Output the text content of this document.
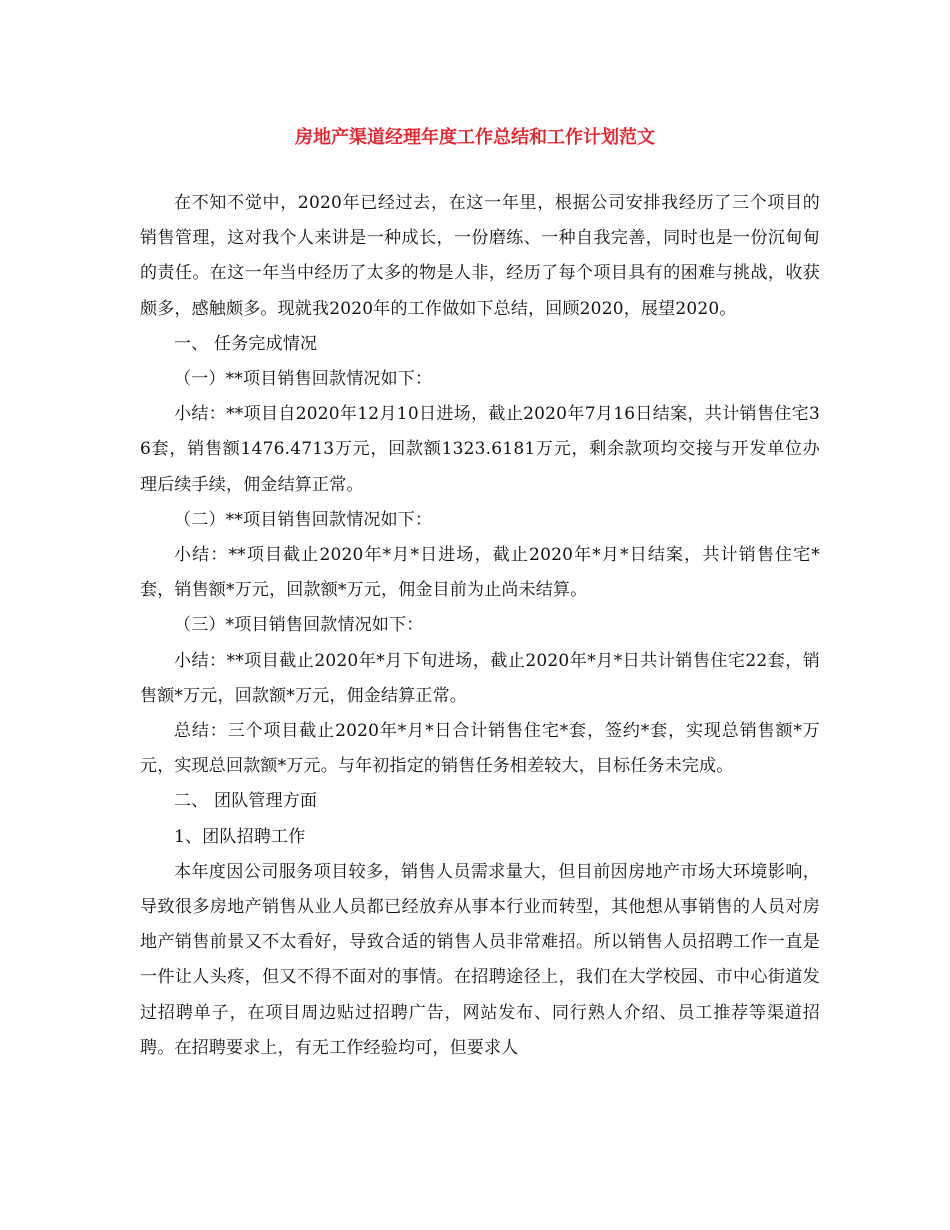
房地产渠道经理年度工作总结和工作计划范文

在不知不觉中，2020年已经过去，在这一年里，根据公司安排我经历了三个项目的销售管理，这对我个人来讲是一种成长，一份磨练、一种自我完善，同时也是一份沉甸甸的责任。在这一年当中经历了太多的物是人非，经历了每个项目具有的困难与挑战，收获颇多，感触颇多。现就我2020年的工作做如下总结，回顾2020，展望2020。

一、 任务完成情况

（一）**项目销售回款情况如下：

小结：**项目自2020年12月10日进场，截止2020年7月16日结案，共计销售住宅36套，销售额1476.4713万元，回款额1323.6181万元，剩余款项均交接与开发单位办理后续手续，佣金结算正常。

（二）**项目销售回款情况如下：

小结：**项目截止2020年*月*日进场，截止2020年*月*日结案，共计销售住宅*套，销售额*万元，回款额*万元，佣金目前为止尚未结算。

（三）*项目销售回款情况如下：

小结：**项目截止2020年*月下旬进场，截止2020年*月*日共计销售住宅22套，销售额*万元，回款额*万元，佣金结算正常。

总结：三个项目截止2020年*月*日合计销售住宅*套，签约*套，实现总销售额*万元，实现总回款额*万元。与年初指定的销售任务相差较大，目标任务未完成。

二、 团队管理方面

1、团队招聘工作

本年度因公司服务项目较多，销售人员需求量大，但目前因房地产市场大环境影响，导致很多房地产销售从业人员都已经放弃从事本行业而转型，其他想从事销售的人员对房地产销售前景又不太看好，导致合适的销售人员非常难招。所以销售人员招聘工作一直是一件让人头疼，但又不得不面对的事情。在招聘途径上，我们在大学校园、市中心街道发过招聘单子，在项目周边贴过招聘广告，网站发布、同行熟人介绍、员工推荐等渠道招聘。在招聘要求上，有无工作经验均可，但要求人
